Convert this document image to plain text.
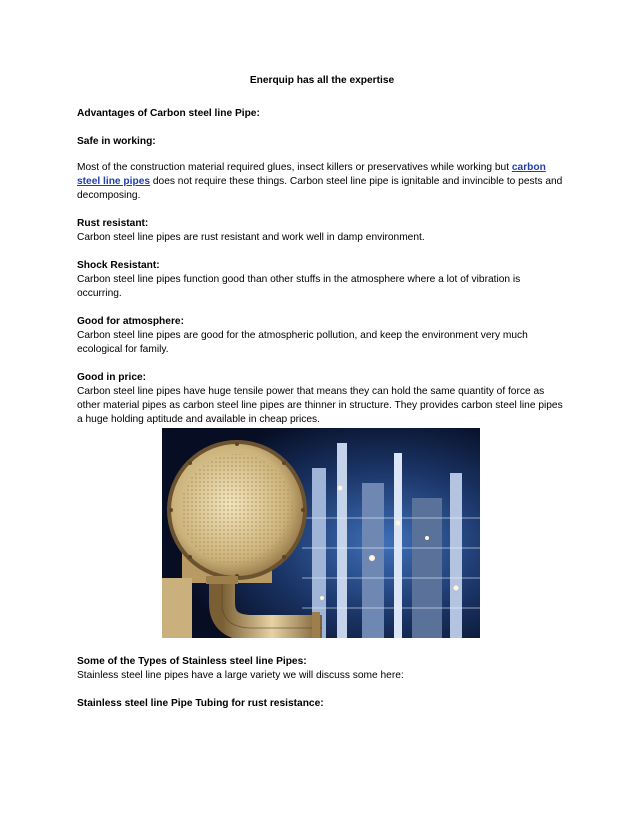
Enerquip has all the expertise

Advantages of Carbon steel line Pipe:

Safe in working:

Most of the construction material required glues, insect killers or preservatives while working but carbon steel line pipes does not require these things. Carbon steel line pipe is ignitable and invincible to pests and decomposing.

Rust resistant:

Carbon steel line pipes are rust resistant and work well in damp environment.

Shock Resistant:

Carbon steel line pipes function good than other stuffs in the atmosphere where a lot of vibration is occurring.

Good for atmosphere:

Carbon steel line pipes are good for the atmospheric pollution, and keep the environment very much ecological for family.

Good in price:

Carbon steel line pipes have huge tensile power that means they can hold the same quantity of force as other material pipes as carbon steel line pipes are thinner in structure. They provides carbon steel line pipes a huge holding aptitude and available in cheap prices.

Some of the Types of Stainless steel line Pipes:

Stainless steel line pipes have a large variety we will discuss some here:

Stainless steel line Pipe Tubing for rust resistance:
